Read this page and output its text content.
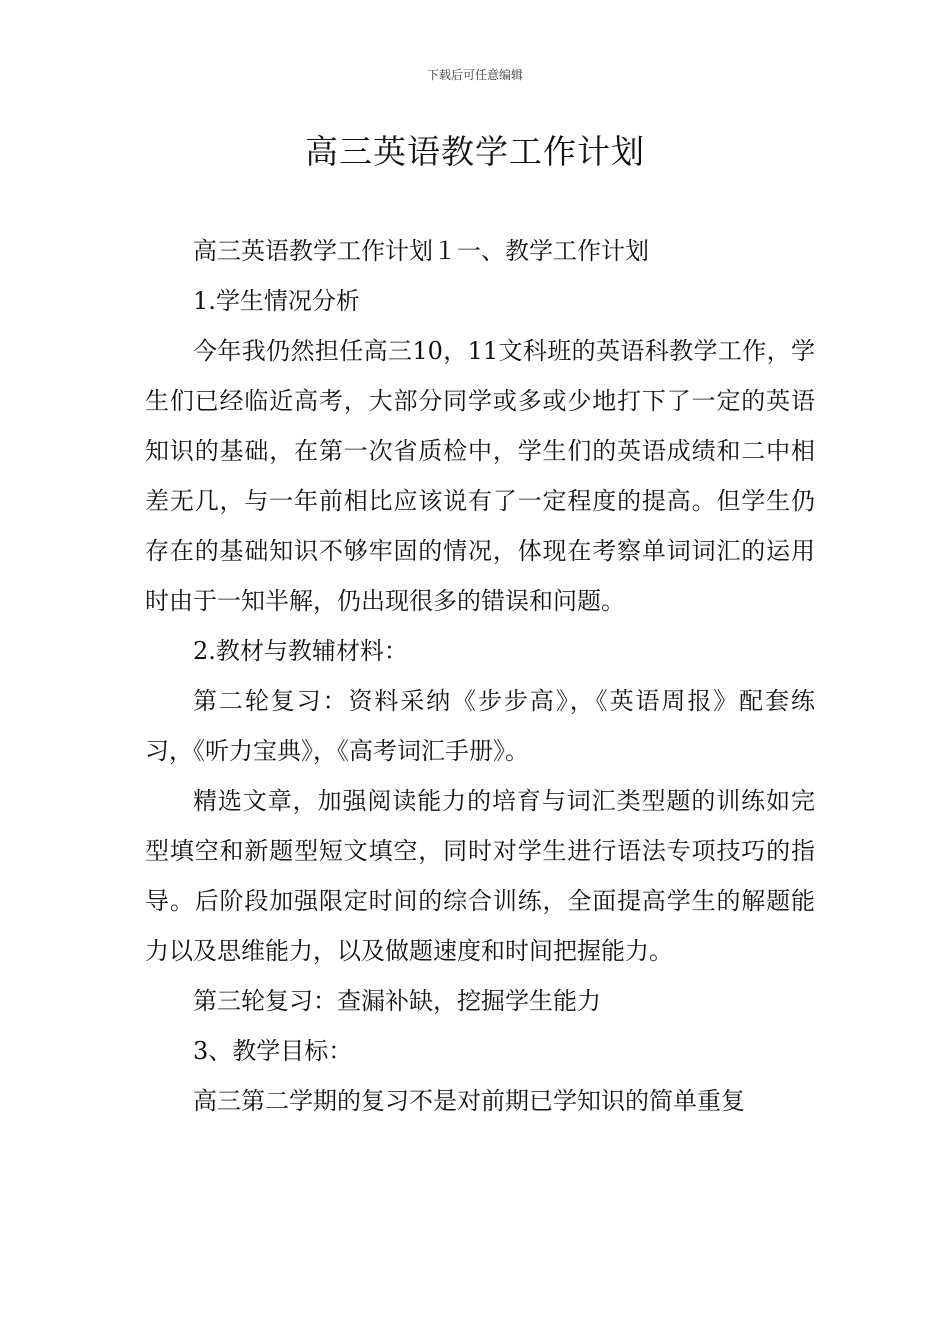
下载后可任意编辑
高三英语教学工作计划

高三英语教学工作计划１一、教学工作计划

1.学生情况分析

今年我仍然担任高三10，11文科班的英语科教学工作，学生们已经临近高考，大部分同学或多或少地打下了一定的英语知识的基础，在第一次省质检中，学生们的英语成绩和二中相差无几，与一年前相比应该说有了一定程度的提高。但学生仍存在的基础知识不够牢固的情况，体现在考察单词词汇的运用时由于一知半解，仍出现很多的错误和问题。

2.教材与教辅材料：

第二轮复习：资料采纳《步步高》，《英语周报》配套练习，《听力宝典》，《高考词汇手册》。

精选文章，加强阅读能力的培育与词汇类型题的训练如完型填空和新题型短文填空，同时对学生进行语法专项技巧的指导。后阶段加强限定时间的综合训练，全面提高学生的解题能力以及思维能力，以及做题速度和时间把握能力。

第三轮复习：查漏补缺，挖掘学生能力

3、教学目标：

高三第二学期的复习不是对前期已学知识的简单重复
